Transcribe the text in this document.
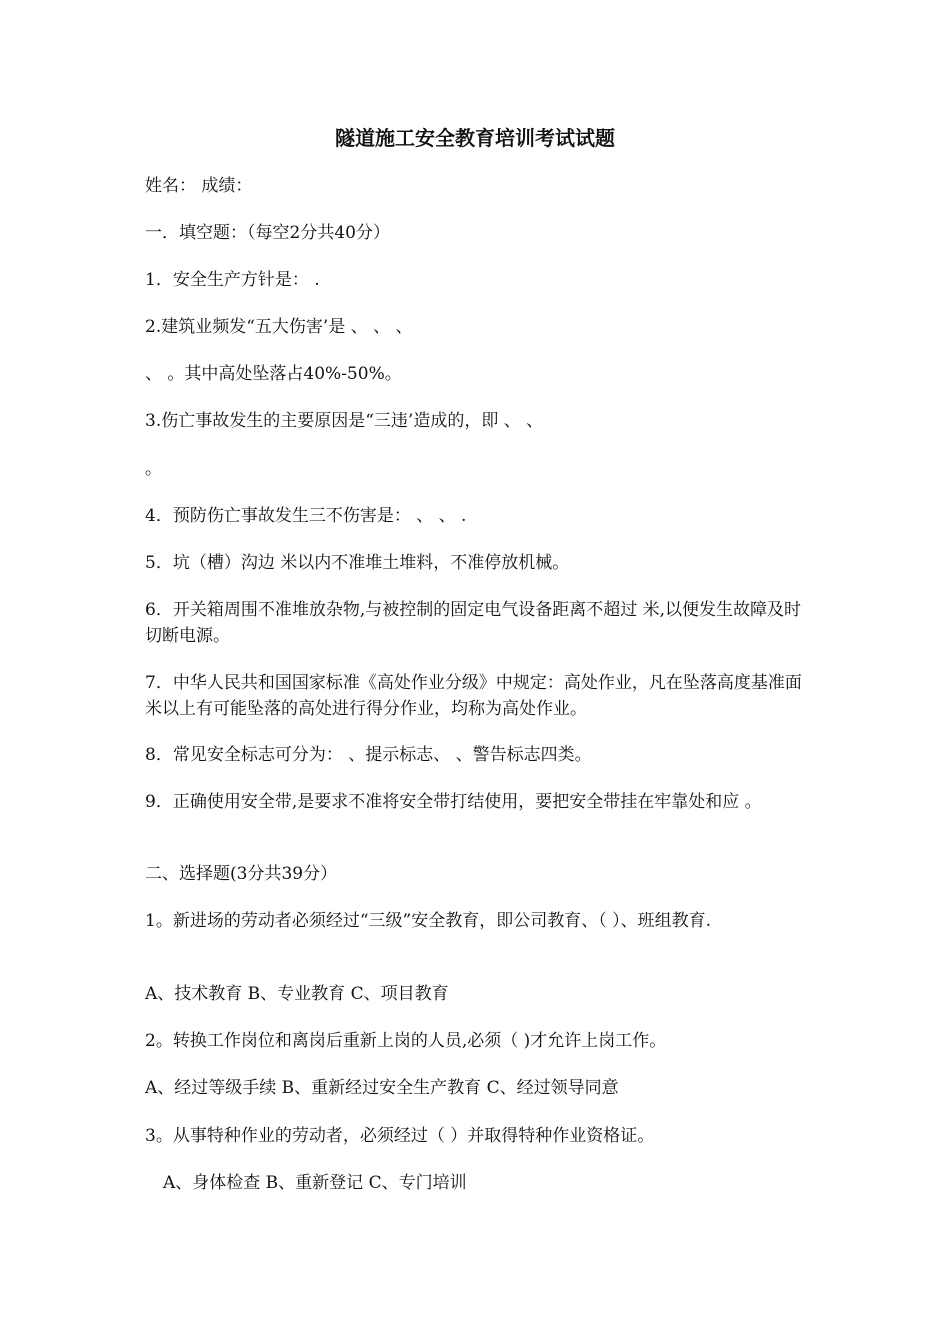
隧道施工安全教育培训考试试题
姓名： 成绩：
一．填空题：（每空2分共40分）
1．安全生产方针是： .
2.建筑业频发“五大伤害’是 、 、 、
、 。其中高处坠落占40%-50%。
3.伤亡事故发生的主要原因是“三违’造成的，即 、 、
。
4．预防伤亡事故发生三不伤害是： 、 、 .
5．坑（槽）沟边 米以内不准堆土堆料，不准停放机械。
6．开关箱周围不准堆放杂物,与被控制的固定电气设备距离不超过 米,以便发生故障及时切断电源。
7．中华人民共和国国家标准《高处作业分级》中规定：高处作业，凡在坠落高度基准面 米以上有可能坠落的高处进行得分作业，均称为高处作业。
8．常见安全标志可分为： 、提示标志、 、警告标志四类。
9．正确使用安全带,是要求不准将安全带打结使用，要把安全带挂在牢靠处和应 。
二、选择题(3分共39分）
1。新进场的劳动者必须经过“三级”安全教育，即公司教育、（ ）、班组教育.
A、技术教育 B、专业教育 C、项目教育
2。转换工作岗位和离岗后重新上岗的人员,必须（ )才允许上岗工作。
A、经过等级手续 B、重新经过安全生产教育 C、经过领导同意
3。从事特种作业的劳动者，必须经过（ ）并取得特种作业资格证。
A、身体检查 B、重新登记 C、专门培训
